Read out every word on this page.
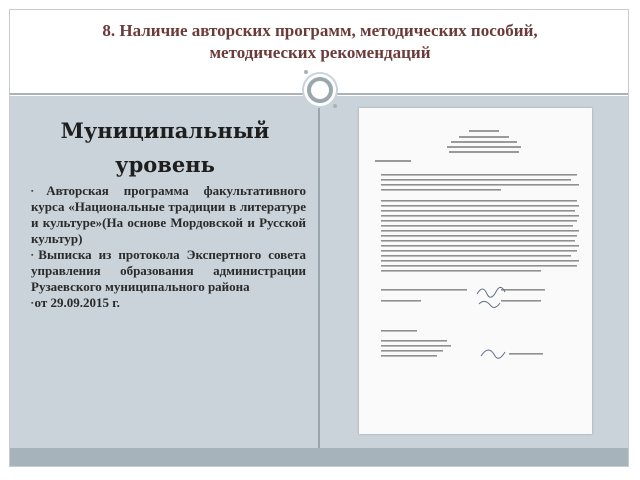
8. Наличие авторских программ, методических пособий,
методических рекомендаций
Муниципальный
уровень
▪ Авторская программа факультативного курса «Национальные традиции в литературе и культуре»(На основе Мордовской и Русской культур)
▪ Выписка из протокола Экспертного совета управления образования администрации Рузаевского муниципального района
▪ от 29.09.2015 г.
